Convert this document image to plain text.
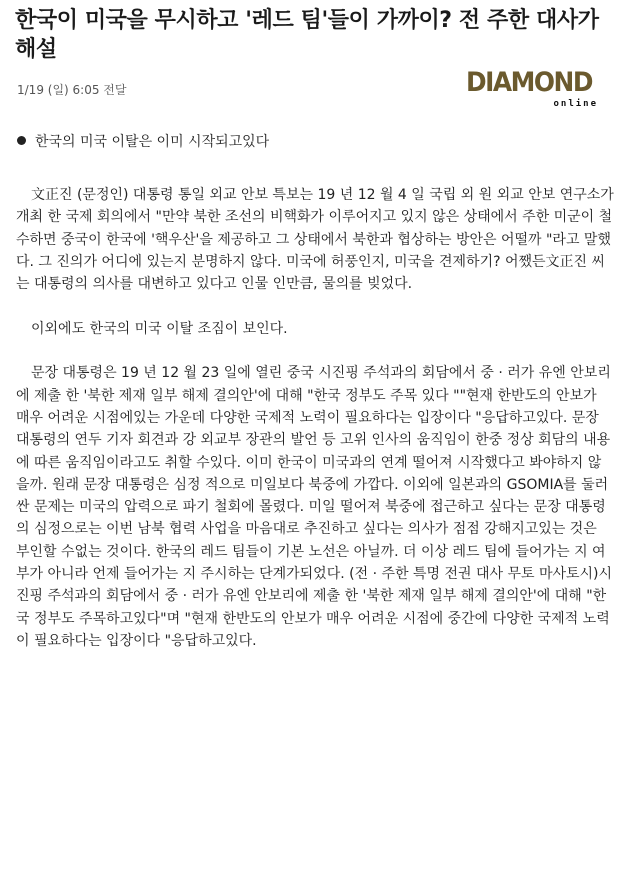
한국이 미국을 무시하고 '레드 팀'들이 가까이? 전 주한 대사가 해설
1/19 (일) 6:05 전달	DIAMOND
online
한국의 미국 이탈은 이미 시작되고있다

文正진 (문정인) 대통령 통일 외교 안보 특보는 19 년 12 월 4 일 국립 외 원 외교 안보 연구소가 개최 한 국제 회의에서 "만약 북한 조선의 비핵화가 이루어지고 있지 않은 상태에서 주한 미군이 철수하면 중국이 한국에 '핵우산'을 제공하고 그 상태에서 북한과 협상하는 방안은 어떨까 "라고 말했다. 그 진의가 어디에 있는지 분명하지 않다. 미국에 허풍인지, 미국을 견제하기? 어쨌든文正진 씨는 대통령의 의사를 대변하고 있다고 인물 인만큼, 물의를 빚었다.

이외에도 한국의 미국 이탈 조짐이 보인다.

문장 대통령은 19 년 12 월 23 일에 열린 중국 시진핑 주석과의 회담에서 중 · 러가 유엔 안보리에 제출 한 '북한 제재 일부 해제 결의안'에 대해 "한국 정부도 주목 있다 ""현재 한반도의 안보가 매우 어려운 시점에있는 가운데 다양한 국제적 노력이 필요하다는 입장이다 "응답하고있다. 문장 대통령의 연두 기자 회견과 강 외교부 장관의 발언 등 고위 인사의 움직임이 한중 정상 회담의 내용에 따른 움직임이라고도 취할 수있다. 이미 한국이 미국과의 연계 떨어져 시작했다고 봐야하지 않을까. 원래 문장 대통령은 심정 적으로 미일보다 북중에 가깝다. 이외에 일본과의 GSOMIA를 둘러싼 문제는 미국의 압력으로 파기 철회에 몰렸다. 미일 떨어져 북중에 접근하고 싶다는 문장 대통령의 심정으로는 이번 남북 협력 사업을 마음대로 추진하고 싶다는 의사가 점점 강해지고있는 것은 부인할 수없는 것이다. 한국의 레드 팀들이 기본 노선은 아닐까. 더 이상 레드 팀에 들어가는 지 여부가 아니라 언제 들어가는 지 주시하는 단계가되었다. (전 · 주한 특명 전권 대사 무토 마사토시)시진핑 주석과의 회담에서 중 · 러가 유엔 안보리에 제출 한 '북한 제재 일부 해제 결의안'에 대해 "한국 정부도 주목하고있다"며 "현재 한반도의 안보가 매우 어려운 시점에 중간에 다양한 국제적 노력이 필요하다는 입장이다 "응답하고있다.
